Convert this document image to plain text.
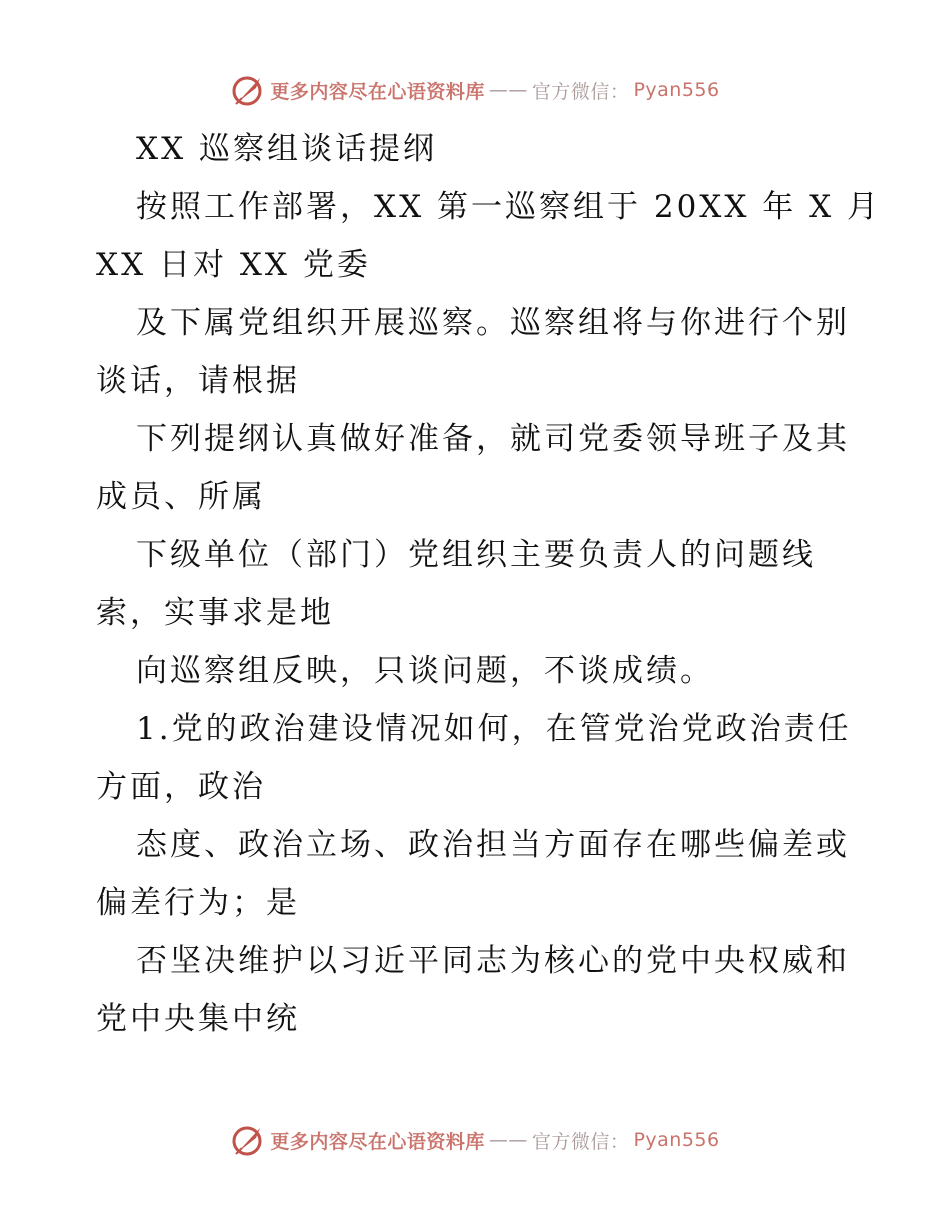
更多内容尽在心语资料库 —— 官方微信： Pyan556
XX 巡察组谈话提纲
按照工作部署，XX 第一巡察组于 20XX 年 X 月
XX 日对 XX 党委
及下属党组织开展巡察。巡察组将与你进行个别
谈话，请根据
下列提纲认真做好准备，就司党委领导班子及其
成员、所属
下级单位（部门）党组织主要负责人的问题线
索，实事求是地
向巡察组反映，只谈问题，不谈成绩。
1.党的政治建设情况如何，在管党治党政治责任
方面，政治
态度、政治立场、政治担当方面存在哪些偏差或
偏差行为；是
否坚决维护以习近平同志为核心的党中央权威和
党中央集中统
更多内容尽在心语资料库 —— 官方微信： Pyan556
